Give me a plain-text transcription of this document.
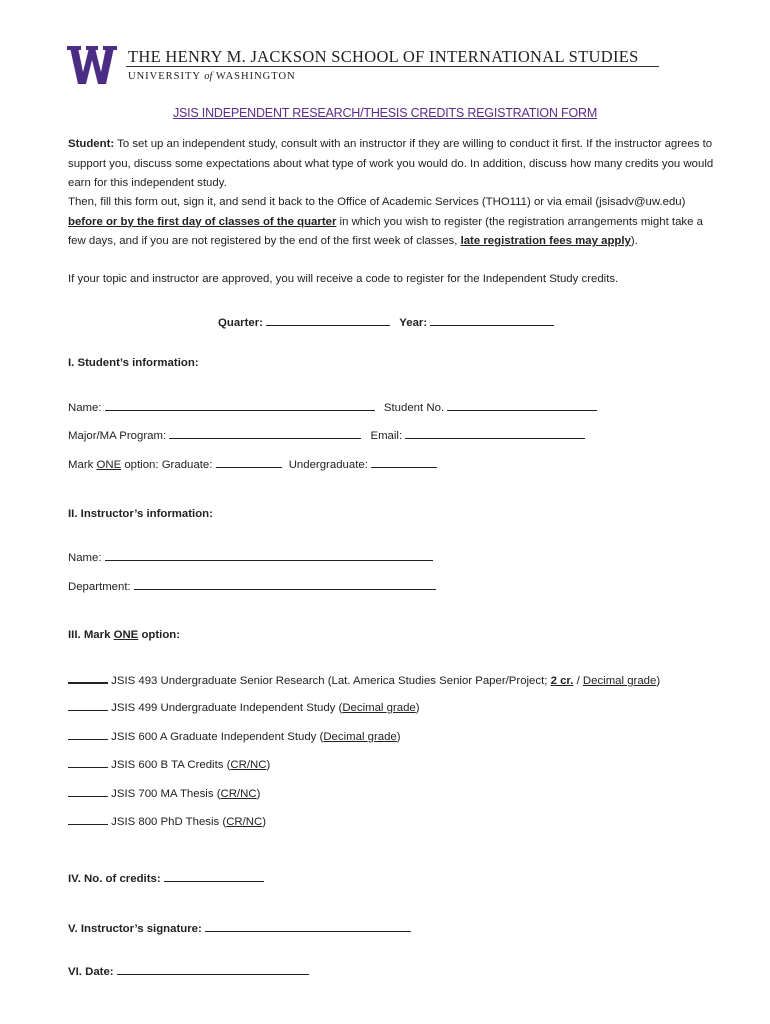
THE HENRY M. JACKSON SCHOOL OF INTERNATIONAL STUDIES
UNIVERSITY of WASHINGTON
JSIS INDEPENDENT RESEARCH/THESIS CREDITS REGISTRATION FORM
Student: To set up an independent study, consult with an instructor if they are willing to conduct it first. If the instructor agrees to support you, discuss some expectations about what type of work you would do. In addition, discuss how many credits you would earn for this independent study.
Then, fill this form out, sign it, and send it back to the Office of Academic Services (THO111) or via email (jsisadv@uw.edu) before or by the first day of classes of the quarter in which you wish to register (the registration arrangements might take a few days, and if you are not registered by the end of the first week of classes, late registration fees may apply).
If your topic and instructor are approved, you will receive a code to register for the Independent Study credits.
Quarter:	Year:
I. Student’s information:
Name:	Student No.
Major/MA Program:	Email:
Mark ONE option: Graduate:	Undergraduate:
II. Instructor’s information:
Name:
Department:
III. Mark ONE option:
JSIS 493 Undergraduate Senior Research (Lat. America Studies Senior Paper/Project; 2 cr. / Decimal grade)
JSIS 499 Undergraduate Independent Study (Decimal grade)
JSIS 600 A Graduate Independent Study (Decimal grade)
JSIS 600 B TA Credits (CR/NC)
JSIS 700 MA Thesis (CR/NC)
JSIS 800 PhD Thesis (CR/NC)
IV. No. of credits:
V. Instructor’s signature:
VI. Date:
